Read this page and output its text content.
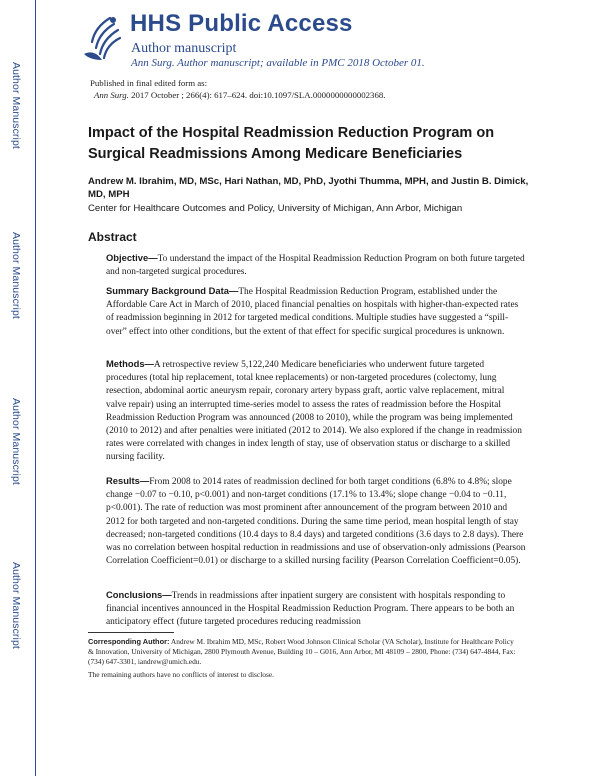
Author Manuscript
Author Manuscript
Author Manuscript
Author Manuscript
HHS Public Access
Author manuscript
Ann Surg. Author manuscript; available in PMC 2018 October 01.
Published in final edited form as:
Ann Surg. 2017 October ; 266(4): 617–624. doi:10.1097/SLA.0000000000002368.
Impact of the Hospital Readmission Reduction Program on Surgical Readmissions Among Medicare Beneficiaries
Andrew M. Ibrahim, MD, MSc, Hari Nathan, MD, PhD, Jyothi Thumma, MPH, and Justin B. Dimick, MD, MPH
Center for Healthcare Outcomes and Policy, University of Michigan, Ann Arbor, Michigan
Abstract
Objective—To understand the impact of the Hospital Readmission Reduction Program on both future targeted and non-targeted surgical procedures.
Summary Background Data—The Hospital Readmission Reduction Program, established under the Affordable Care Act in March of 2010, placed financial penalties on hospitals with higher-than-expected rates of readmission beginning in 2012 for targeted medical conditions. Multiple studies have suggested a “spill-over” effect into other conditions, but the extent of that effect for specific surgical procedures is unknown.
Methods—A retrospective review 5,122,240 Medicare beneficiaries who underwent future targeted procedures (total hip replacement, total knee replacements) or non-targeted procedures (colectomy, lung resection, abdominal aortic aneurysm repair, coronary artery bypass graft, aortic valve replacement, mitral valve repair) using an interrupted time-series model to assess the rates of readmission before the Hospital Readmission Reduction Program was announced (2008 to 2010), while the program was being implemented (2010 to 2012) and after penalties were initiated (2012 to 2014). We also explored if the change in readmission rates were correlated with changes in index length of stay, use of observation status or discharge to a skilled nursing facility.
Results—From 2008 to 2014 rates of readmission declined for both target conditions (6.8% to 4.8%; slope change −0.07 to −0.10, p<0.001) and non-target conditions (17.1% to 13.4%; slope change −0.04 to −0.11, p<0.001). The rate of reduction was most prominent after announcement of the program between 2010 and 2012 for both targeted and non-targeted conditions. During the same time period, mean hospital length of stay decreased; non-targeted conditions (10.4 days to 8.4 days) and targeted conditions (3.6 days to 2.8 days). There was no correlation between hospital reduction in readmissions and use of observation-only admissions (Pearson Correlation Coefficient=0.01) or discharge to a skilled nursing facility (Pearson Correlation Coefficient=0.05).
Conclusions—Trends in readmissions after inpatient surgery are consistent with hospitals responding to financial incentives announced in the Hospital Readmission Reduction Program. There appears to be both an anticipatory effect (future targeted procedures reducing readmission
Corresponding Author: Andrew M. Ibrahim MD, MSc, Robert Wood Johnson Clinical Scholar (VA Scholar), Institute for Healthcare Policy & Innovation, University of Michigan, 2800 Plymouth Avenue, Building 10 – G016, Ann Arbor, MI 48109 – 2800, Phone: (734) 647-4844, Fax: (734) 647-3301, iandrew@umich.edu.
The remaining authors have no conflicts of interest to disclose.
